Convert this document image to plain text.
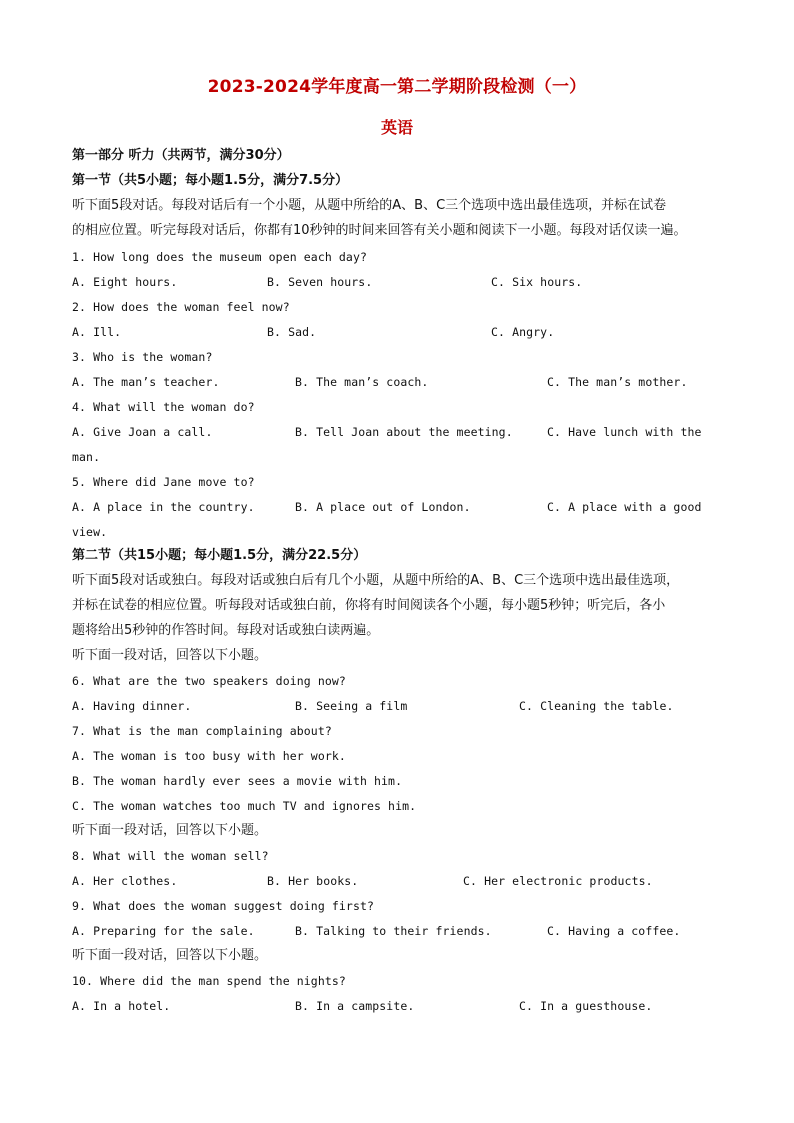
2023-2024学年度高一第二学期阶段检测（一）
英语
第一部分 听力（共两节，满分30分）
第一节（共5小题；每小题1.5分，满分7.5分）
听下面5段对话。每段对话后有一个小题，从题中所给的A、B、C三个选项中选出最佳选项，并标在试卷
的相应位置。听完每段对话后，你都有10秒钟的时间来回答有关小题和阅读下一小题。每段对话仅读一遍。
1. How long does the museum open each day?
A. Eight hours.	B. Seven hours.	C. Six hours.
2. How does the woman feel now?
A. Ill.	B. Sad.	C. Angry.
3. Who is the woman?
A. The man’s teacher.	B. The man’s coach.	C. The man’s mother.
4. What will the woman do?
A. Give Joan a call.	B. Tell Joan about the meeting.	C. Have lunch with the
man.
5. Where did Jane move to?
A. A place in the country.	B. A place out of London.	C. A place with a good
view.
第二节（共15小题；每小题1.5分，满分22.5分）
听下面5段对话或独白。每段对话或独白后有几个小题，从题中所给的A、B、C三个选项中选出最佳选项，
并标在试卷的相应位置。听每段对话或独白前，你将有时间阅读各个小题，每小题5秒钟；听完后，各小
题将给出5秒钟的作答时间。每段对话或独白读两遍。
听下面一段对话，回答以下小题。
6. What are the two speakers doing now?
A. Having dinner.	B. Seeing a film	C. Cleaning the table.
7. What is the man complaining about?
A. The woman is too busy with her work.
B. The woman hardly ever sees a movie with him.
C. The woman watches too much TV and ignores him.
听下面一段对话，回答以下小题。
8. What will the woman sell?
A. Her clothes.	B. Her books.	C. Her electronic products.
9. What does the woman suggest doing first?
A. Preparing for the sale.	B. Talking to their friends.	C. Having a coffee.
听下面一段对话，回答以下小题。
10. Where did the man spend the nights?
A. In a hotel.	B. In a campsite.	C. In a guesthouse.
